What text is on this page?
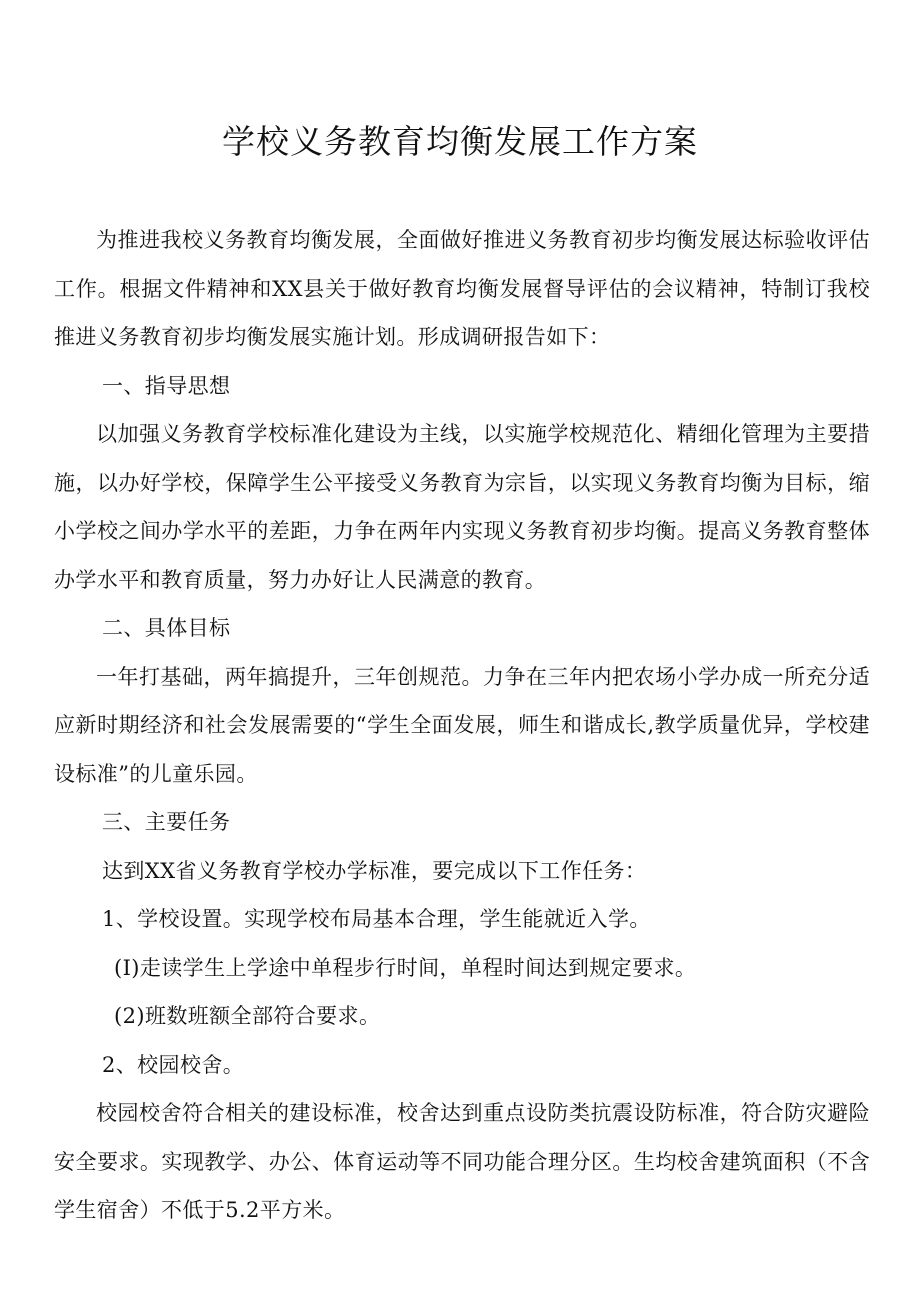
学校义务教育均衡发展工作方案

为推进我校义务教育均衡发展，全面做好推进义务教育初步均衡发展达标验收评估工作。根据文件精神和XX县关于做好教育均衡发展督导评估的会议精神，特制订我校推进义务教育初步均衡发展实施计划。形成调研报告如下：

一、指导思想

以加强义务教育学校标准化建设为主线，以实施学校规范化、精细化管理为主要措施，以办好学校，保障学生公平接受义务教育为宗旨，以实现义务教育均衡为目标，缩小学校之间办学水平的差距，力争在两年内实现义务教育初步均衡。提高义务教育整体办学水平和教育质量，努力办好让人民满意的教育。

二、具体目标

一年打基础，两年搞提升，三年创规范。力争在三年内把农场小学办成一所充分适应新时期经济和社会发展需要的“学生全面发展，师生和谐成长,教学质量优异，学校建设标准”的儿童乐园。

三、主要任务

达到XX省义务教育学校办学标准，要完成以下工作任务：

1、学校设置。实现学校布局基本合理，学生能就近入学。

(I)走读学生上学途中单程步行时间，单程时间达到规定要求。

(2)班数班额全部符合要求。

2、校园校舍。

校园校舍符合相关的建设标准，校舍达到重点设防类抗震设防标准，符合防灾避险安全要求。实现教学、办公、体育运动等不同功能合理分区。生均校舍建筑面积（不含学生宿舍）不低于5.2平方米。
